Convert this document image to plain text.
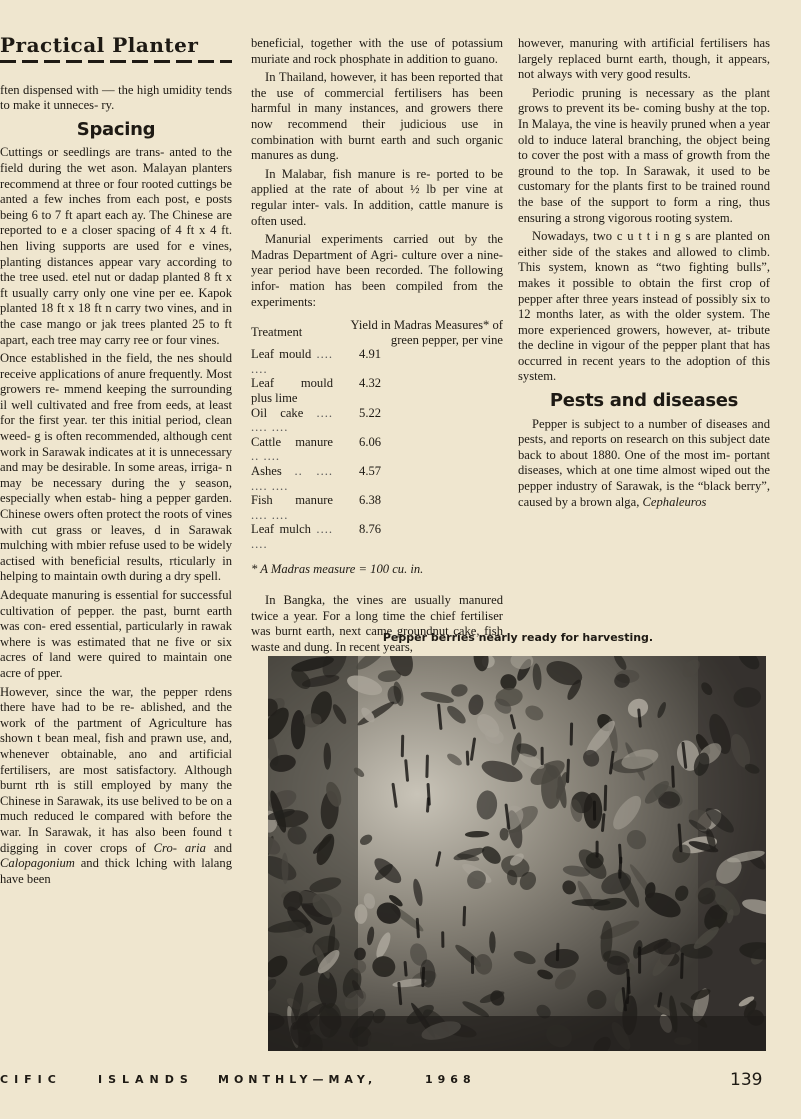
Practical Planter

ften dispensed with — the high umidity tends to make it unneces- ry.

Spacing

Cuttings or seedlings are trans- anted to the field during the wet ason. Malayan planters recommend at three or four rooted cuttings be anted a few inches from each post, e posts being 6 to 7 ft apart each ay. The Chinese are reported to e a closer spacing of 4 ft x 4 ft. hen living supports are used for e vines, planting distances appear vary according to the tree used. etel nut or dadap planted 8 ft x ft usually carry only one vine per ee. Kapok planted 18 ft x 18 ft n carry two vines, and in the case mango or jak trees planted 25 to ft apart, each tree may carry ree or four vines.

Once established in the field, the nes should receive applications of anure frequently. Most growers re- mmend keeping the surrounding il well cultivated and free from eeds, at least for the first year. ter this initial period, clean weed- g is often recommended, although cent work in Sarawak indicates at it is unnecessary and may be desirable. In some areas, irriga- n may be necessary during the y season, especially when estab- hing a pepper garden. Chinese owers often protect the roots of vines with cut grass or leaves, d in Sarawak mulching with mbier refuse used to be widely actised with beneficial results, rticularly in helping to maintain owth during a dry spell.

Adequate manuring is essential for successful cultivation of pepper. the past, burnt earth was con- ered essential, particularly in rawak where is was estimated that ne five or six acres of land were quired to maintain one acre of pper.

However, since the war, the pepper rdens there have had to be re- ablished, and the work of the partment of Agriculture has shown t bean meal, fish and prawn use, and, whenever obtainable, ano and artificial fertilisers, are most satisfactory. Although burnt rth is still employed by many the Chinese in Sarawak, its use belived to be on a much reduced le compared with before the war. In Sarawak, it has also been found t digging in cover crops of Cro- aria and Calopagonium and thick lching with lalang have been

beneficial, together with the use of potassium muriate and rock phosphate in addition to guano.

In Thailand, however, it has been reported that the use of commercial fertilisers has been harmful in many instances, and growers there now recommend their judicious use in combination with burnt earth and such organic manures as dung.

In Malabar, fish manure is re- ported to be applied at the rate of about ½ lb per vine at regular inter- vals. In addition, cattle manure is often used.

Manurial experiments carried out by the Madras Department of Agri- culture over a nine-year period have been recorded. The following infor- mation has been compiled from the experiments:

Treatment	Yield in Madras Measures* of green pepper, per vine
Leaf mould .... ....	4.91
Leaf mould plus lime	4.32
Oil cake .... .... ....	5.22
Cattle manure .. ....	6.06
Ashes .. .... .... ....	4.57
Fish manure .... ....	6.38
Leaf mulch .... ....	8.76

* A Madras measure = 100 cu. in.

In Bangka, the vines are usually manured twice a year. For a long time the chief fertiliser was burnt earth, next came groundnut cake, fish waste and dung. In recent years,

however, manuring with artificial fertilisers has largely replaced burnt earth, though, it appears, not always with very good results.

Periodic pruning is necessary as the plant grows to prevent its be- coming bushy at the top. In Malaya, the vine is heavily pruned when a year old to induce lateral branching, the object being to cover the post with a mass of growth from the ground to the top. In Sarawak, it used to be customary for the plants first to be trained round the base of the support to form a ring, thus ensuring a strong vigorous rooting system.

Nowadays, two c u t t i n g s are planted on either side of the stakes and allowed to climb. This system, known as “two fighting bulls”, makes it possible to obtain the first crop of pepper after three years instead of possibly six to 12 months later, as with the older system. The more experienced growers, however, at- tribute the decline in vigour of the pepper plant that has occurred in recent years to the adoption of this system.

Pests and diseases

Pepper is subject to a number of diseases and pests, and reports on research on this subject date back to about 1880. One of the most im- portant diseases, which at one time almost wiped out the pepper industry of Sarawak, is the “black berry”, caused by a brown alga, Cephaleuros

Pepper berries nearly ready for harvesting.
CIFIC	ISLANDS MONTHLY—MAY,	1968	139
